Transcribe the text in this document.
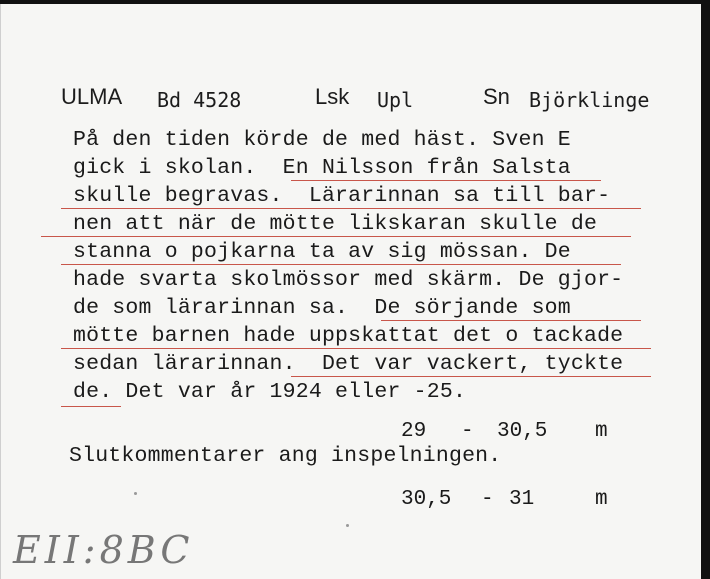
ULMA Bd 4528	Lsk Upl	Sn Björklinge
På den tiden körde de med häst. Sven E
gick i skolan.  En Nilsson från Salsta
skulle begravas.  Lärarinnan sa till bar-
nen att när de mötte likskaran skulle de
stanna o pojkarna ta av sig mössan. De
hade svarta skolmössor med skärm. De gjor-
de som lärarinnan sa.  De sörjande som
mötte barnen hade uppskattat det o tackade
sedan lärarinnan.  Det var vackert, tyckte
de. Det var år 1924 eller -25.
29 - 30,5 m
Slutkommentarer ang inspelningen.
30,5 - 31	m
EII:8BC
